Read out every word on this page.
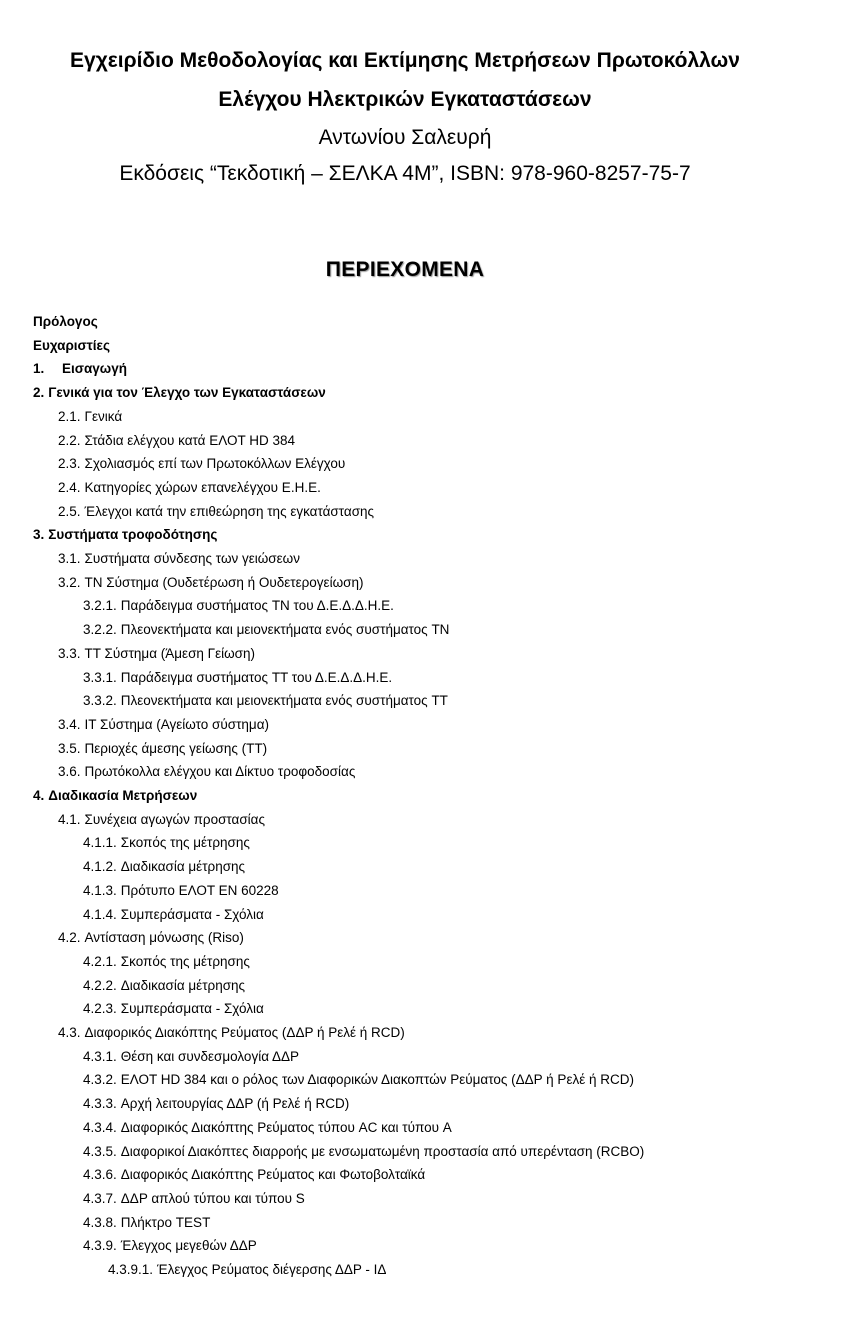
Εγχειρίδιο Μεθοδολογίας και Εκτίμησης Μετρήσεων Πρωτοκόλλων
Ελέγχου Ηλεκτρικών Εγκαταστάσεων
Αντωνίου Σαλευρή
Εκδόσεις “Τεκδοτική – ΣΕΛΚΑ 4Μ”, ISBN: 978-960-8257-75-7
ΠΕΡΙΕΧΟΜΕΝΑ
Πρόλογος
Ευχαριστίες
1. Εισαγωγή
2. Γενικά για τον Έλεγχο των Εγκαταστάσεων
2.1. Γενικά
2.2. Στάδια ελέγχου κατά ΕΛΟΤ HD 384
2.3. Σχολιασμός επί των Πρωτοκόλλων Ελέγχου
2.4. Κατηγορίες χώρων επανελέγχου Ε.Η.Ε.
2.5. Έλεγχοι κατά την επιθεώρηση της εγκατάστασης
3. Συστήματα τροφοδότησης
3.1. Συστήματα σύνδεσης των γειώσεων
3.2. TN Σύστημα (Ουδετέρωση ή Ουδετερογείωση)
3.2.1. Παράδειγμα συστήματος TN του Δ.Ε.Δ.Δ.Η.Ε.
3.2.2. Πλεονεκτήματα και μειονεκτήματα ενός συστήματος TN
3.3. TT Σύστημα (Άμεση Γείωση)
3.3.1. Παράδειγμα συστήματος TT του Δ.Ε.Δ.Δ.Η.Ε.
3.3.2. Πλεονεκτήματα και μειονεκτήματα ενός συστήματος TT
3.4. IT Σύστημα (Αγείωτο σύστημα)
3.5. Περιοχές άμεσης γείωσης (TT)
3.6. Πρωτόκολλα ελέγχου και Δίκτυο τροφοδοσίας
4. Διαδικασία Μετρήσεων
4.1. Συνέχεια αγωγών προστασίας
4.1.1. Σκοπός της μέτρησης
4.1.2. Διαδικασία μέτρησης
4.1.3. Πρότυπο ΕΛΟΤ EN 60228
4.1.4. Συμπεράσματα - Σχόλια
4.2. Αντίσταση μόνωσης (Riso)
4.2.1. Σκοπός της μέτρησης
4.2.2. Διαδικασία μέτρησης
4.2.3. Συμπεράσματα - Σχόλια
4.3. Διαφορικός Διακόπτης Ρεύματος (ΔΔΡ ή Ρελέ ή RCD)
4.3.1. Θέση και συνδεσμολογία ΔΔΡ
4.3.2. ΕΛΟΤ HD 384 και ο ρόλος των Διαφορικών Διακοπτών Ρεύματος (ΔΔΡ ή Ρελέ ή RCD)
4.3.3. Αρχή λειτουργίας ΔΔΡ (ή Ρελέ ή RCD)
4.3.4. Διαφορικός Διακόπτης Ρεύματος τύπου AC και τύπου A
4.3.5. Διαφορικοί Διακόπτες διαρροής με ενσωματωμένη προστασία από υπερένταση (RCBO)
4.3.6. Διαφορικός Διακόπτης Ρεύματος και Φωτοβολταϊκά
4.3.7. ΔΔΡ απλού τύπου και τύπου S
4.3.8. Πλήκτρο TEST
4.3.9. Έλεγχος μεγεθών ΔΔΡ
4.3.9.1. Έλεγχος Ρεύματος διέγερσης ΔΔΡ - IΔ
